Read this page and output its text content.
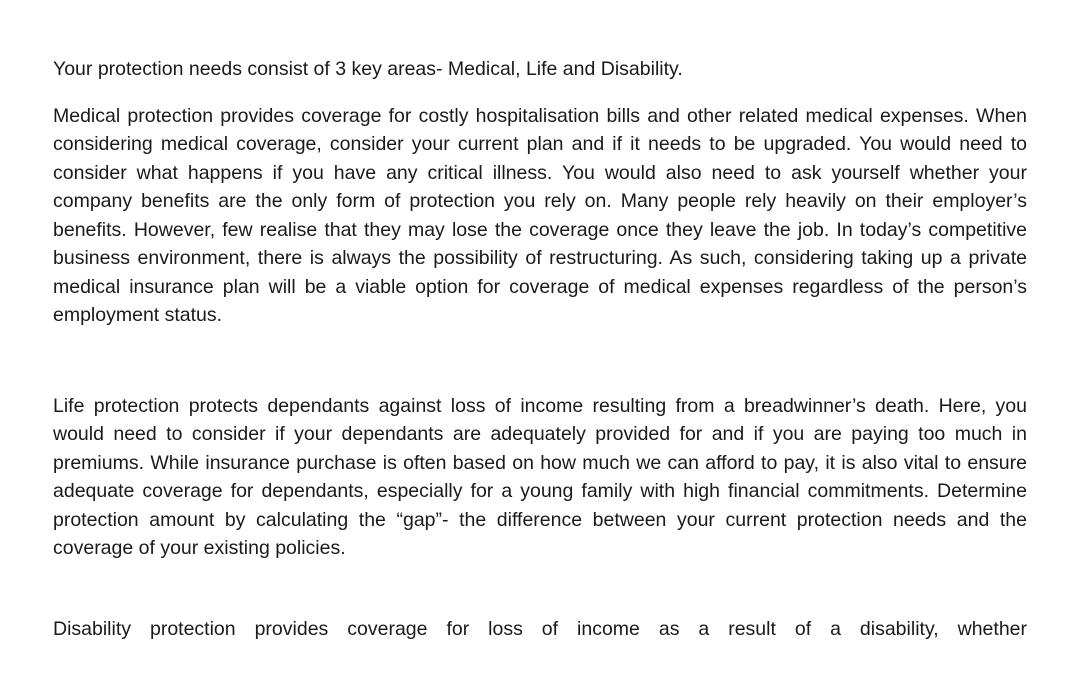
Your protection needs consist of 3 key areas- Medical, Life and Disability.

Medical protection provides coverage for costly hospitalisation bills and other related medical expenses. When considering medical coverage, consider your current plan and if it needs to be upgraded. You would need to consider what happens if you have any critical illness. You would also need to ask yourself whether your company benefits are the only form of protection you rely on. Many people rely heavily on their employer’s benefits. However, few realise that they may lose the coverage once they leave the job. In today’s competitive business environment, there is always the possibility of restructuring. As such, considering taking up a private medical insurance plan will be a viable option for coverage of medical expenses regardless of the person’s employment status.

Life protection protects dependants against loss of income resulting from a breadwinner’s death. Here, you would need to consider if your dependants are adequately provided for and if you are paying too much in premiums. While insurance purchase is often based on how much we can afford to pay, it is also vital to ensure adequate coverage for dependants, especially for a young family with high financial commitments. Determine protection amount by calculating the “gap”- the difference between your current protection needs and the coverage of your existing policies.

Disability protection provides coverage for loss of income as a result of a disability, whether
